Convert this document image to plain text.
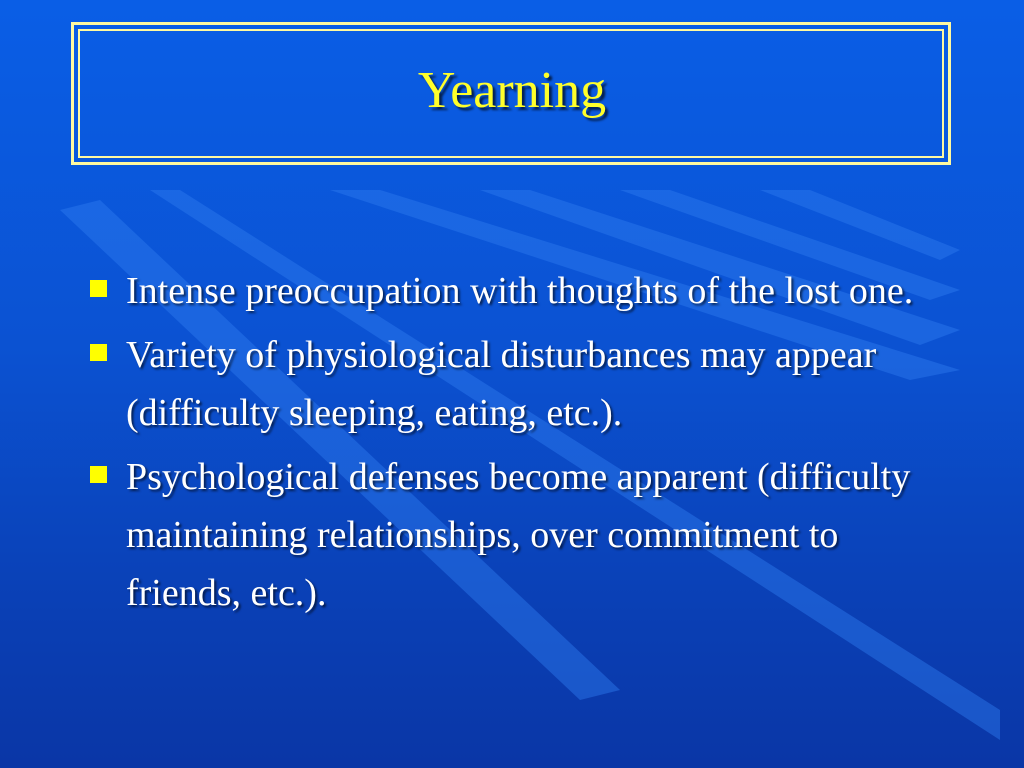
Yearning
Intense preoccupation with thoughts of the lost one.
Variety of physiological disturbances may appear (difficulty sleeping, eating, etc.).
Psychological defenses become apparent (difficulty maintaining relationships, over commitment to friends, etc.).
